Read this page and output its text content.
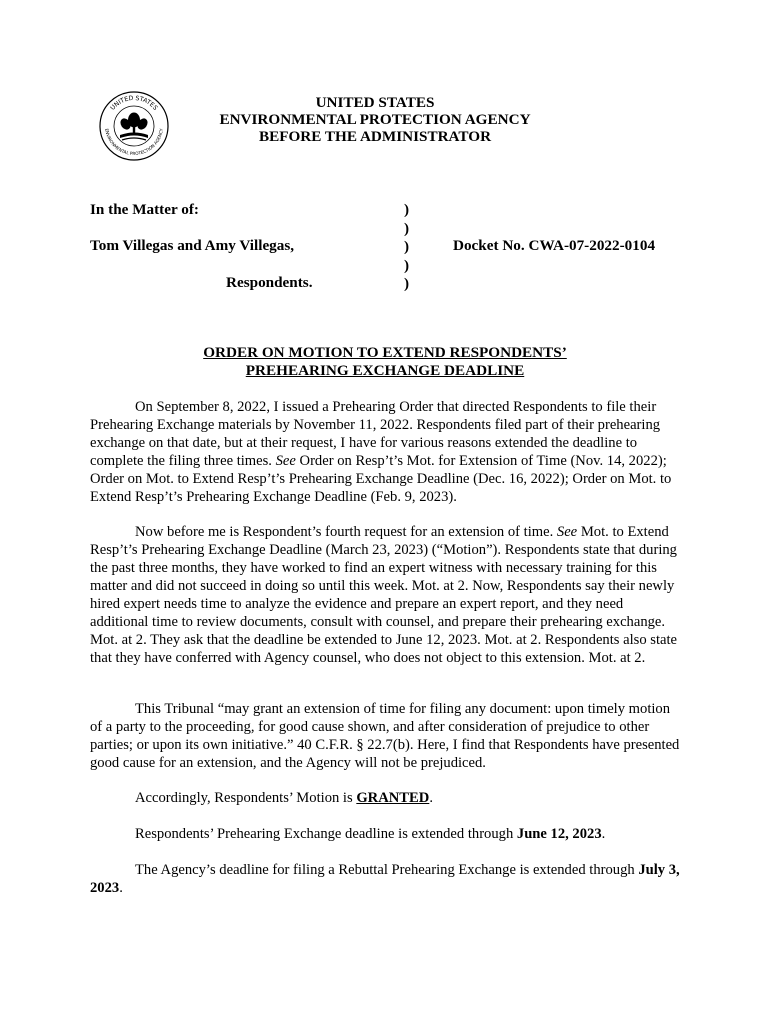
UNITED STATES
ENVIRONMENTAL PROTECTION AGENCY
UNITED STATES
ENVIRONMENTAL PROTECTION AGENCY
BEFORE THE ADMINISTRATOR
In the Matter of:
Tom Villegas and Amy Villegas,
Respondents.
)
)
)
)
)
Docket No. CWA-07-2022-0104
ORDER ON MOTION TO EXTEND RESPONDENTS’
PREHEARING EXCHANGE DEADLINE

On September 8, 2022, I issued a Prehearing Order that directed Respondents to file their Prehearing Exchange materials by November 11, 2022. Respondents filed part of their prehearing exchange on that date, but at their request, I have for various reasons extended the deadline to complete the filing three times. See Order on Resp’t’s Mot. for Extension of Time (Nov. 14, 2022); Order on Mot. to Extend Resp’t’s Prehearing Exchange Deadline (Dec. 16, 2022); Order on Mot. to Extend Resp’t’s Prehearing Exchange Deadline (Feb. 9, 2023).

Now before me is Respondent’s fourth request for an extension of time. See Mot. to Extend Resp’t’s Prehearing Exchange Deadline (March 23, 2023) (“Motion”). Respondents state that during the past three months, they have worked to find an expert witness with necessary training for this matter and did not succeed in doing so until this week. Mot. at 2. Now, Respondents say their newly hired expert needs time to analyze the evidence and prepare an expert report, and they need additional time to review documents, consult with counsel, and prepare their prehearing exchange. Mot. at 2. They ask that the deadline be extended to June 12, 2023. Mot. at 2. Respondents also state that they have conferred with Agency counsel, who does not object to this extension. Mot. at 2.

This Tribunal “may grant an extension of time for filing any document: upon timely motion of a party to the proceeding, for good cause shown, and after consideration of prejudice to other parties; or upon its own initiative.” 40 C.F.R. § 22.7(b). Here, I find that Respondents have presented good cause for an extension, and the Agency will not be prejudiced.

Accordingly, Respondents’ Motion is GRANTED.

Respondents’ Prehearing Exchange deadline is extended through June 12, 2023.

The Agency’s deadline for filing a Rebuttal Prehearing Exchange is extended through July 3, 2023.
